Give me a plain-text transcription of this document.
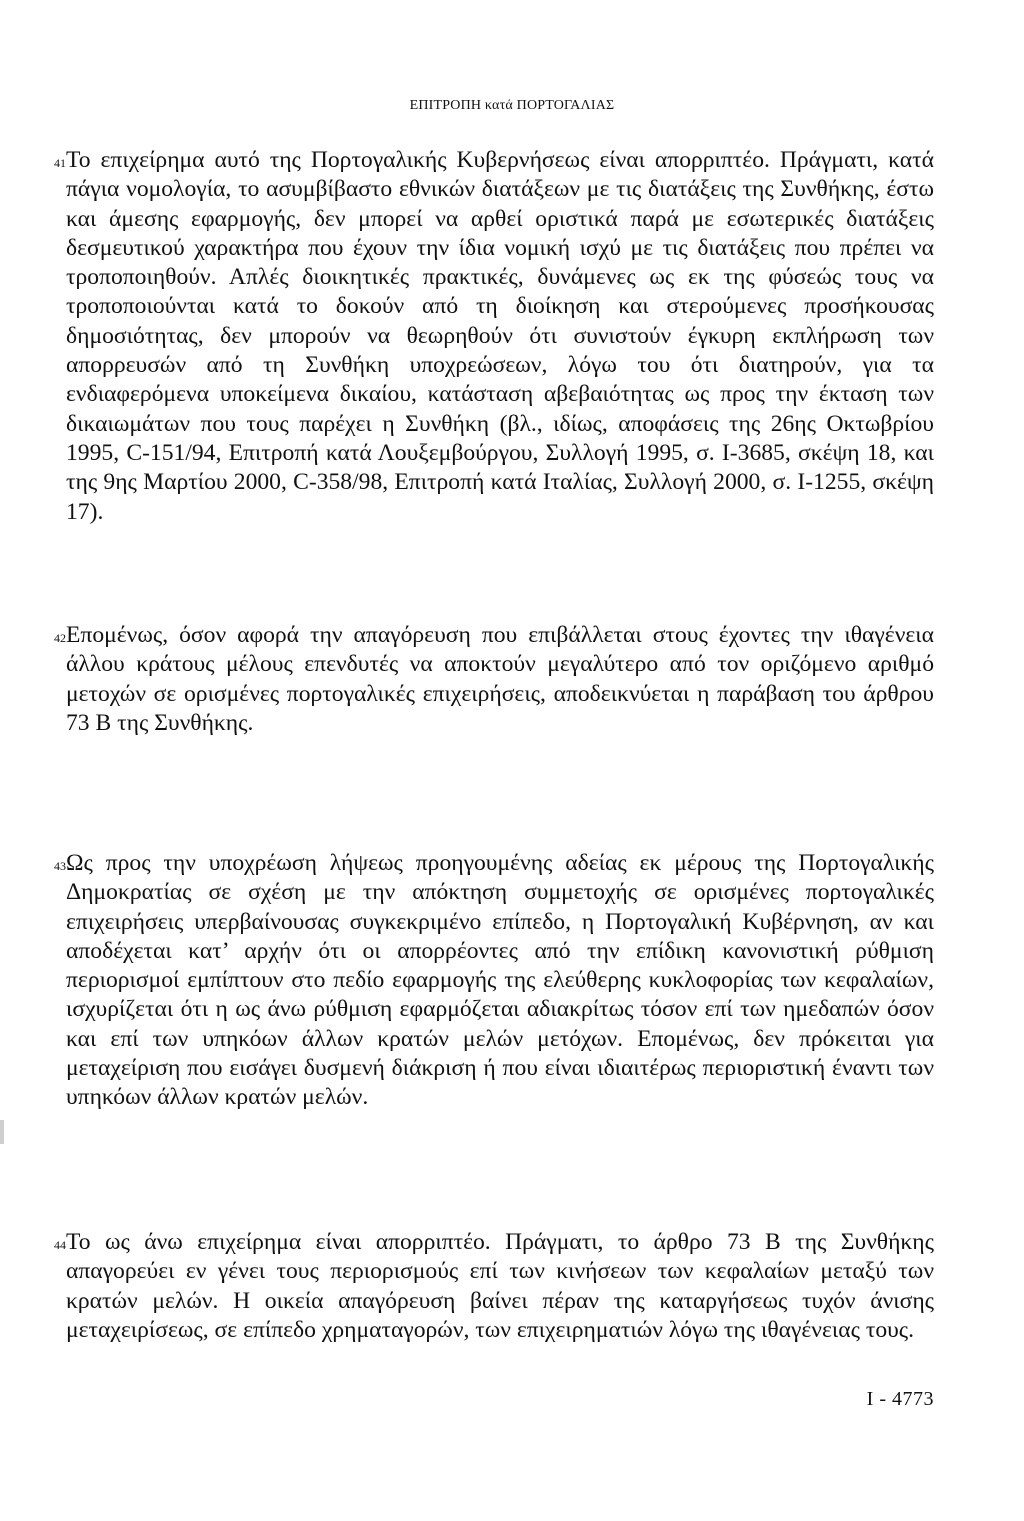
ΕΠΙΤΡΟΠΗ κατά ΠΟΡΤΟΓΑΛΙΑΣ
41 Το επιχείρημα αυτό της Πορτογαλικής Κυβερνήσεως είναι απορριπτέο. Πράγματι, κατά πάγια νομολογία, το ασυμβίβαστο εθνικών διατάξεων με τις διατάξεις της Συνθήκης, έστω και άμεσης εφαρμογής, δεν μπορεί να αρθεί οριστικά παρά με εσωτερικές διατάξεις δεσμευτικού χαρακτήρα που έχουν την ίδια νομική ισχύ με τις διατάξεις που πρέπει να τροποποιηθούν. Απλές διοικητικές πρακτικές, δυνάμενες ως εκ της φύσεώς τους να τροποποιούνται κατά το δοκούν από τη διοίκηση και στερούμενες προσήκουσας δημοσιότητας, δεν μπορούν να θεωρηθούν ότι συνιστούν έγκυρη εκπλήρωση των απορρευσών από τη Συνθήκη υποχρεώσεων, λόγω του ότι διατηρούν, για τα ενδιαφερόμενα υποκείμενα δικαίου, κατάσταση αβεβαιότητας ως προς την έκταση των δικαιωμάτων που τους παρέχει η Συνθήκη (βλ., ιδίως, αποφάσεις της 26ης Οκτωβρίου 1995, C-151/94, Επιτροπή κατά Λουξεμβούργου, Συλλογή 1995, σ. I-3685, σκέψη 18, και της 9ης Μαρτίου 2000, C-358/98, Επιτροπή κατά Ιταλίας, Συλλογή 2000, σ. I-1255, σκέψη 17).

42 Επομένως, όσον αφορά την απαγόρευση που επιβάλλεται στους έχοντες την ιθαγένεια άλλου κράτους μέλους επενδυτές να αποκτούν μεγαλύτερο από τον οριζόμενο αριθμό μετοχών σε ορισμένες πορτογαλικές επιχειρήσεις, αποδεικνύεται η παράβαση του άρθρου 73 Β της Συνθήκης.

43 Ως προς την υποχρέωση λήψεως προηγουμένης αδείας εκ μέρους της Πορτογαλικής Δημοκρατίας σε σχέση με την απόκτηση συμμετοχής σε ορισμένες πορτογαλικές επιχειρήσεις υπερβαίνουσας συγκεκριμένο επίπεδο, η Πορτογαλική Κυβέρνηση, αν και αποδέχεται κατ’ αρχήν ότι οι απορρέοντες από την επίδικη κανονιστική ρύθμιση περιορισμοί εμπίπτουν στο πεδίο εφαρμογής της ελεύθερης κυκλοφορίας των κεφαλαίων, ισχυρίζεται ότι η ως άνω ρύθμιση εφαρμόζεται αδιακρίτως τόσον επί των ημεδαπών όσον και επί των υπηκόων άλλων κρατών μελών μετόχων. Επομένως, δεν πρόκειται για μεταχείριση που εισάγει δυσμενή διάκριση ή που είναι ιδιαιτέρως περιοριστική έναντι των υπηκόων άλλων κρατών μελών.

44 Το ως άνω επιχείρημα είναι απορριπτέο. Πράγματι, το άρθρο 73 Β της Συνθήκης απαγορεύει εν γένει τους περιορισμούς επί των κινήσεων των κεφαλαίων μεταξύ των κρατών μελών. Η οικεία απαγόρευση βαίνει πέραν της καταργήσεως τυχόν άνισης μεταχειρίσεως, σε επίπεδο χρηματαγορών, των επιχειρηματιών λόγω της ιθαγένειας τους.

I - 4773
